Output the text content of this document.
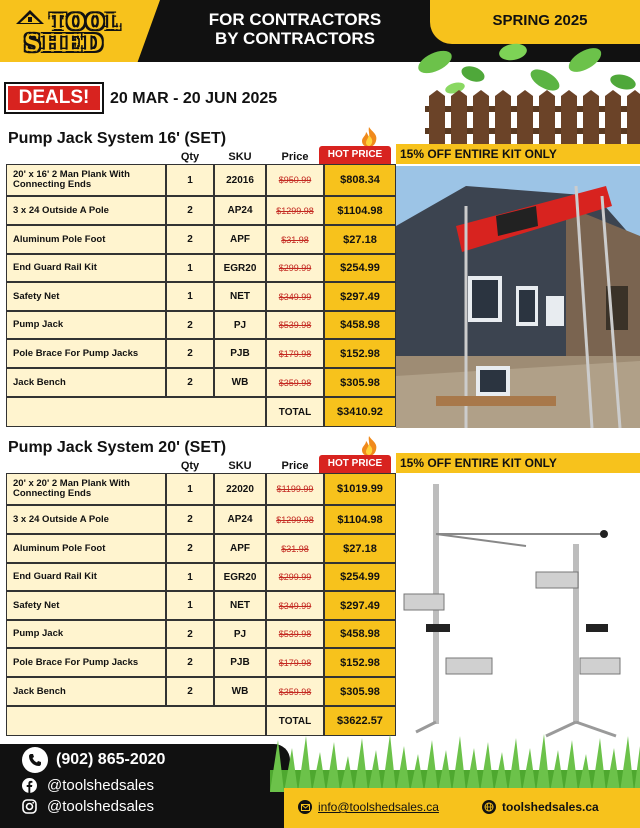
TOOL
SHED
FOR CONTRACTORS
BY CONTRACTORS
SPRING 2025
DEALS!	20 MAR - 20 JUN 2025
Pump Jack System 16' (SET)
Qty	SKU	Price	HOT PRICE	15% OFF ENTIRE KIT ONLY
20' x 16' 2 Man Plank With Connecting Ends	1	22016	$950.99	$808.34
3 x 24 Outside A Pole	2	AP24	$1299.98	$1104.98
Aluminum Pole Foot	2	APF	$31.98	$27.18
End Guard Rail Kit	1	EGR20	$299.99	$254.99
Safety Net	1	NET	$349.99	$297.49
Pump Jack	2	PJ	$539.98	$458.98
Pole Brace For Pump Jacks	2	PJB	$179.98	$152.98
Jack Bench	2	WB	$359.98	$305.98
TOTAL	$3410.92
Pump Jack System 20' (SET)
Qty	SKU	Price	HOT PRICE	15% OFF ENTIRE KIT ONLY
20' x 20' 2 Man Plank With Connecting Ends	1	22020	$1199.99	$1019.99
3 x 24 Outside A Pole	2	AP24	$1299.98	$1104.98
Aluminum Pole Foot	2	APF	$31.98	$27.18
End Guard Rail Kit	1	EGR20	$299.99	$254.99
Safety Net	1	NET	$349.99	$297.49
Pump Jack	2	PJ	$539.98	$458.98
Pole Brace For Pump Jacks	2	PJB	$179.98	$152.98
Jack Bench	2	WB	$359.98	$305.98
TOTAL	$3622.57
(902) 865-2020
@toolshedsales
@toolshedsales	info@toolshedsales.ca	toolshedsales.ca
